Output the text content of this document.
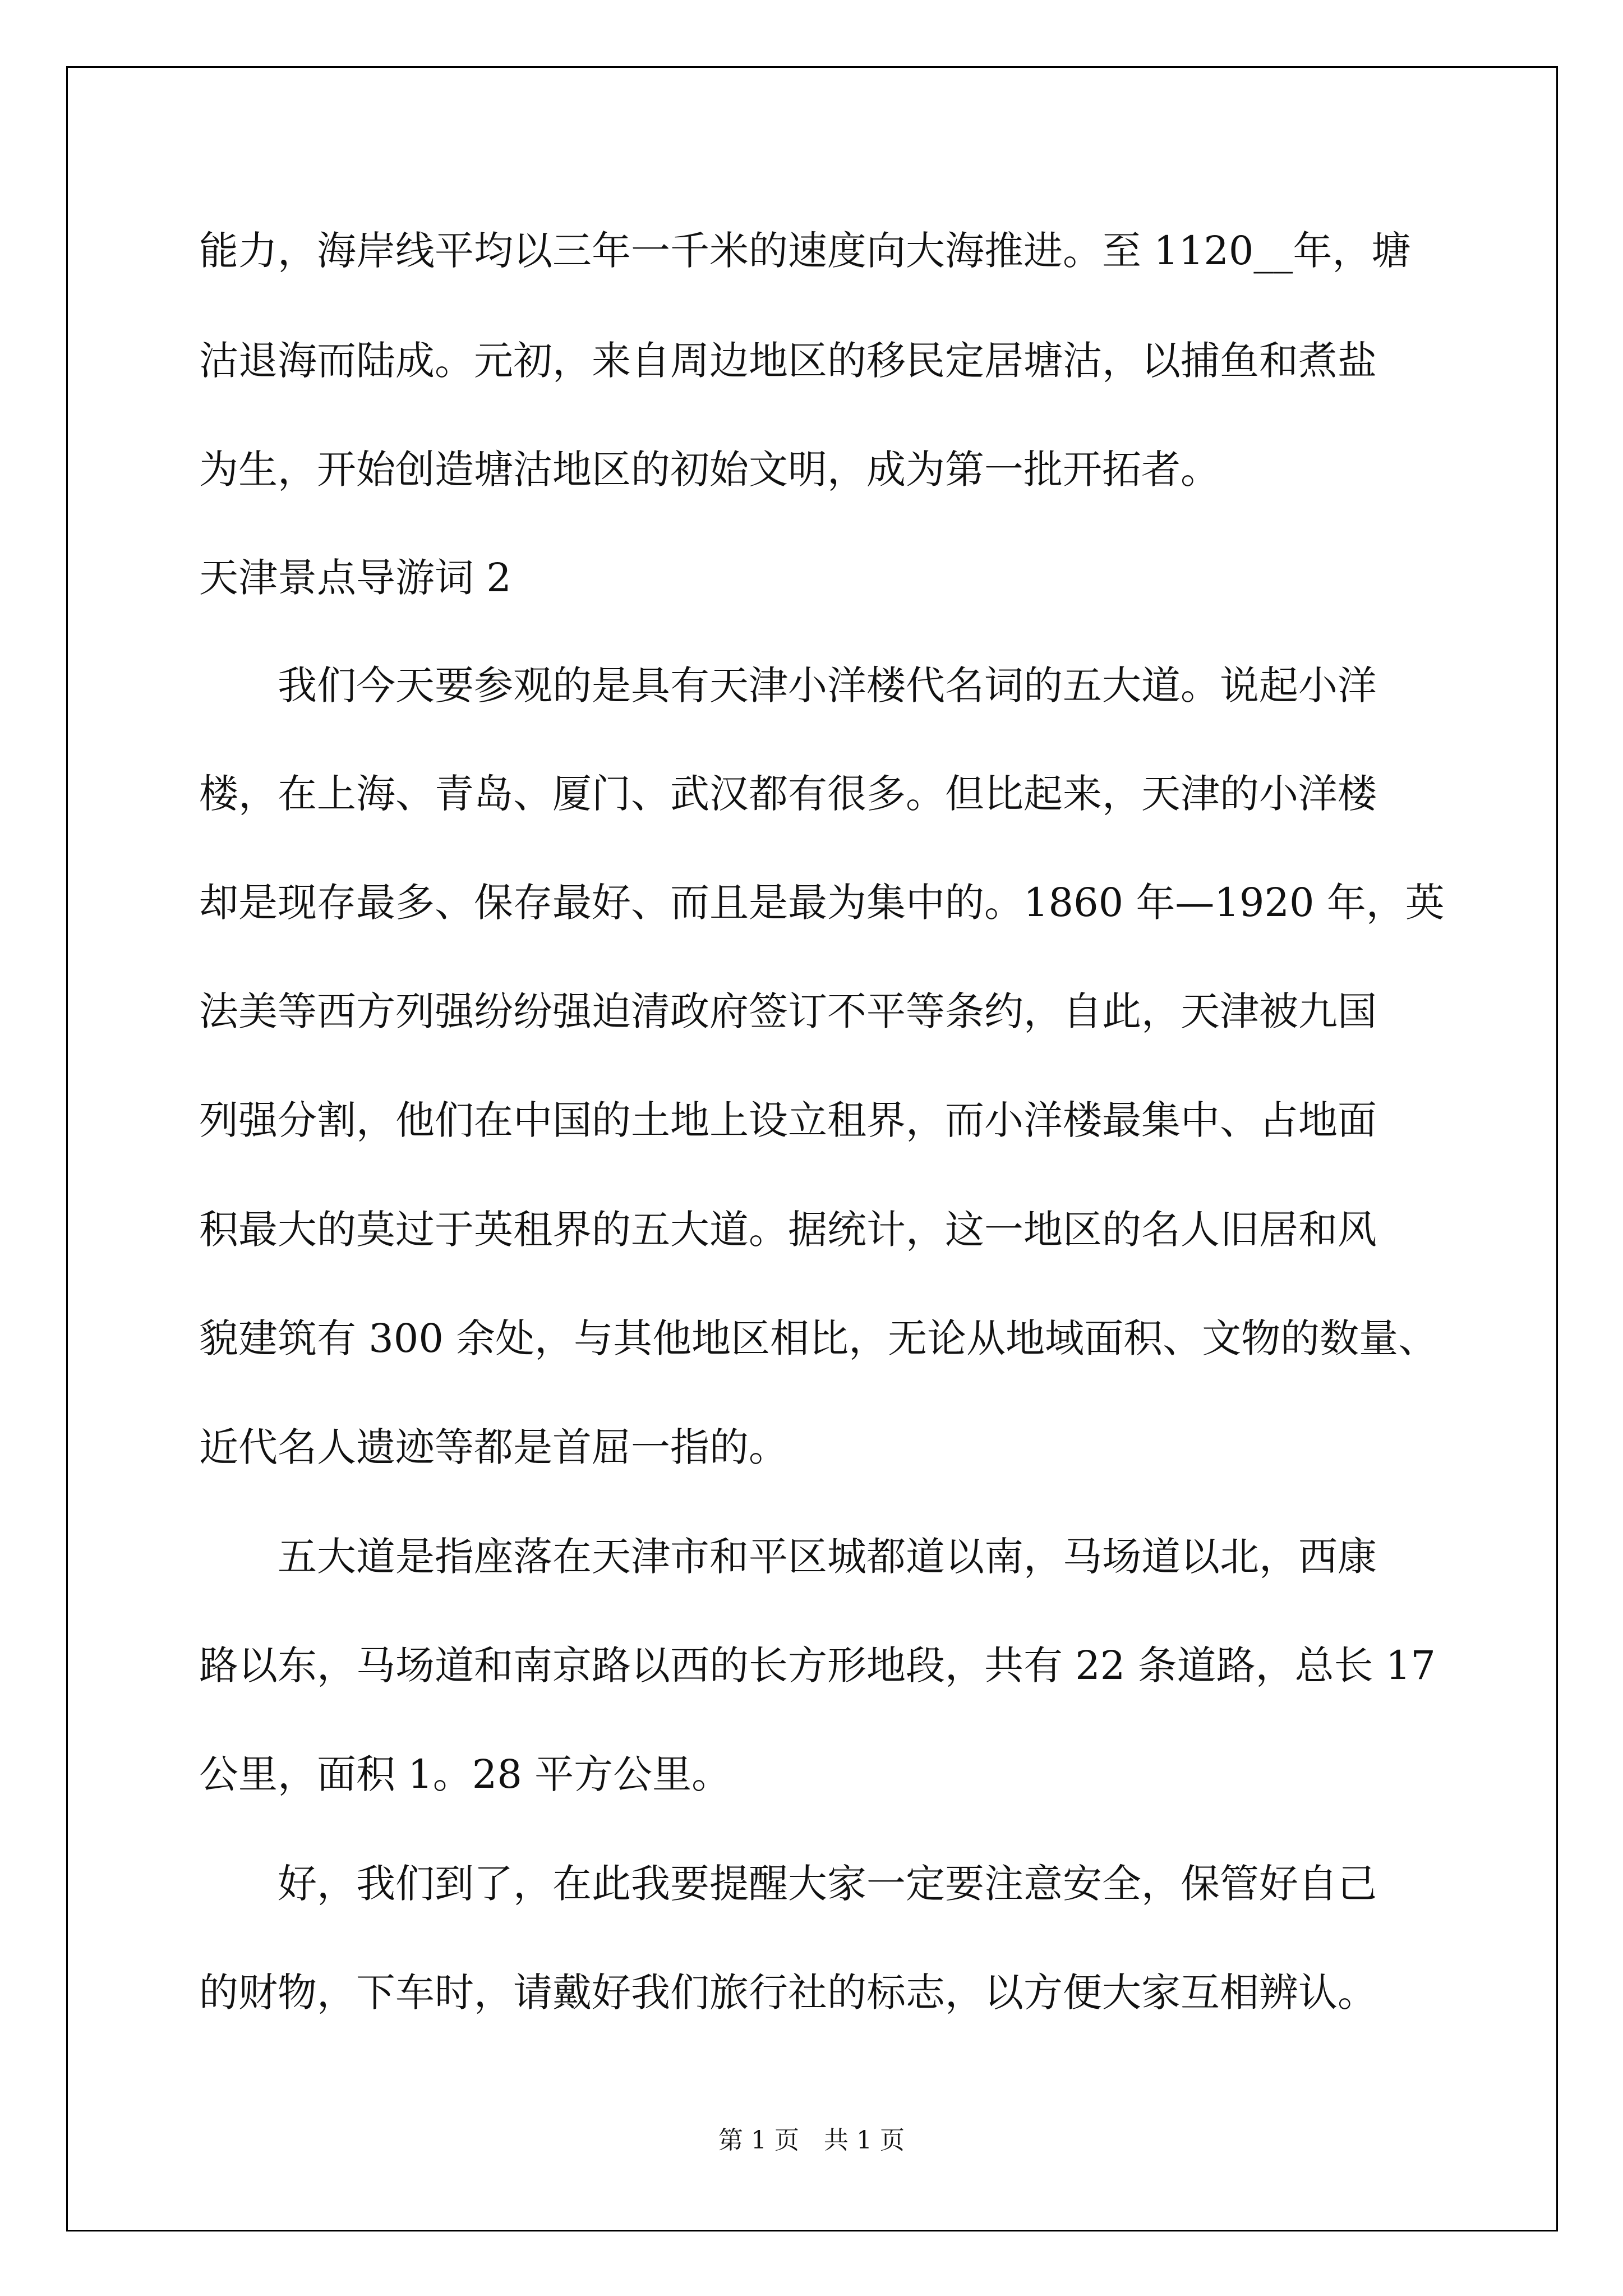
能力，海岸线平均以三年一千米的速度向大海推进。至 1120__年，塘
沽退海而陆成。元初，来自周边地区的移民定居塘沽，以捕鱼和煮盐
为生，开始创造塘沽地区的初始文明，成为第一批开拓者。
天津景点导游词 2
我们今天要参观的是具有天津小洋楼代名词的五大道。说起小洋
楼，在上海、青岛、厦门、武汉都有很多。但比起来，天津的小洋楼
却是现存最多、保存最好、而且是最为集中的。1860 年—1920 年，英
法美等西方列强纷纷强迫清政府签订不平等条约，自此，天津被九国
列强分割，他们在中国的土地上设立租界，而小洋楼最集中、占地面
积最大的莫过于英租界的五大道。据统计，这一地区的名人旧居和风
貌建筑有 300 余处，与其他地区相比，无论从地域面积、文物的数量、
近代名人遗迹等都是首屈一指的。
五大道是指座落在天津市和平区城都道以南，马场道以北，西康
路以东，马场道和南京路以西的长方形地段，共有 22 条道路，总长 17
公里，面积 1。28 平方公里。
好，我们到了，在此我要提醒大家一定要注意安全，保管好自己
的财物，下车时，请戴好我们旅行社的标志，以方便大家互相辨认。
第 1 页　共 1 页
